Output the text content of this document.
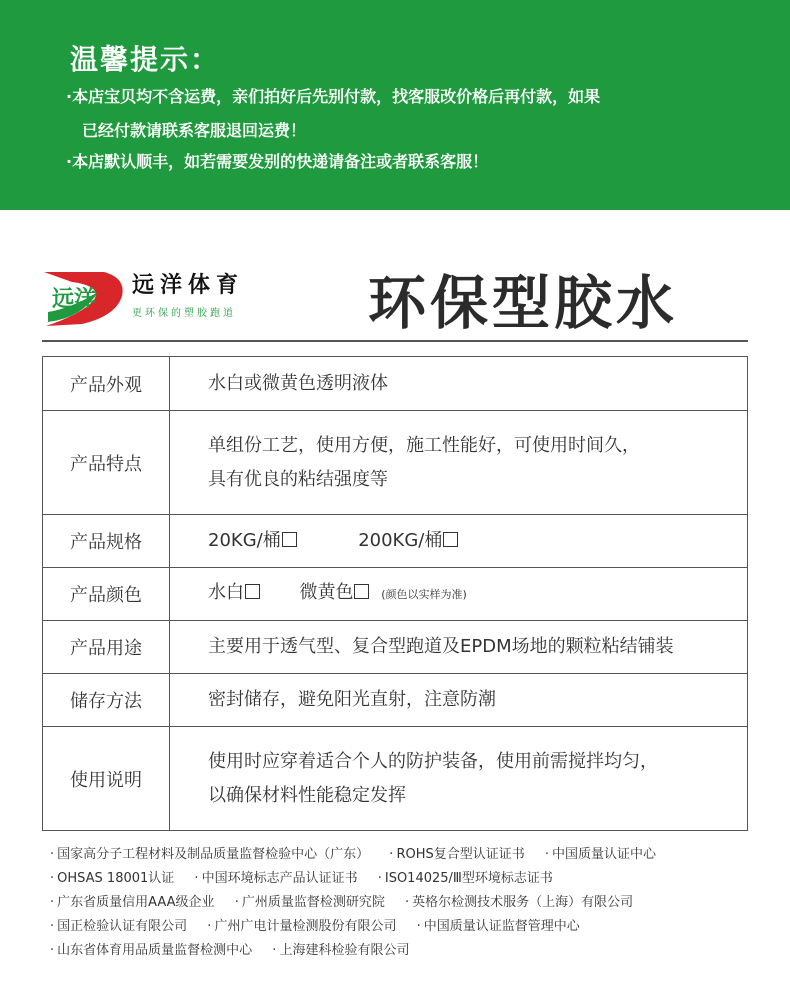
温馨提示：
·本店宝贝均不含运费，亲们拍好后先别付款，找客服改价格后再付款，如果
已经付款请联系客服退回运费！
·本店默认顺丰，如若需要发别的快递请备注或者联系客服！
远洋
远洋体育
更环保的塑胶跑道 环保型胶水
产品外观	水白或微黄色透明液体
产品特点	单组份工艺，使用方便，施工性能好，可使用时间久，
具有优良的粘结强度等

产品规格	20KG/桶 200KG/桶
产品颜色	水白 微黄色 (颜色以实样为准)
产品用途	主要用于透气型、复合型跑道及EPDM场地的颗粒粘结铺装
储存方法	密封储存，避免阳光直射，注意防潮
使用说明	使用时应穿着适合个人的防护装备，使用前需搅拌均匀，
以确保材料性能稳定发挥
· 国家高分子工程材料及制品质量监督检验中心（广东） · ROHS复合型认证证书 · 中国质量认证中心
· OHSAS 18001认证 · 中国环境标志产品认证证书 · ISO14025/Ⅲ型环境标志证书
· 广东省质量信用AAA级企业 · 广州质量监督检测研究院 · 英格尔检测技术服务（上海）有限公司
· 国正检验认证有限公司 · 广州广电计量检测股份有限公司 · 中国质量认证监督管理中心
· 山东省体育用品质量监督检测中心 · 上海建科检验有限公司
